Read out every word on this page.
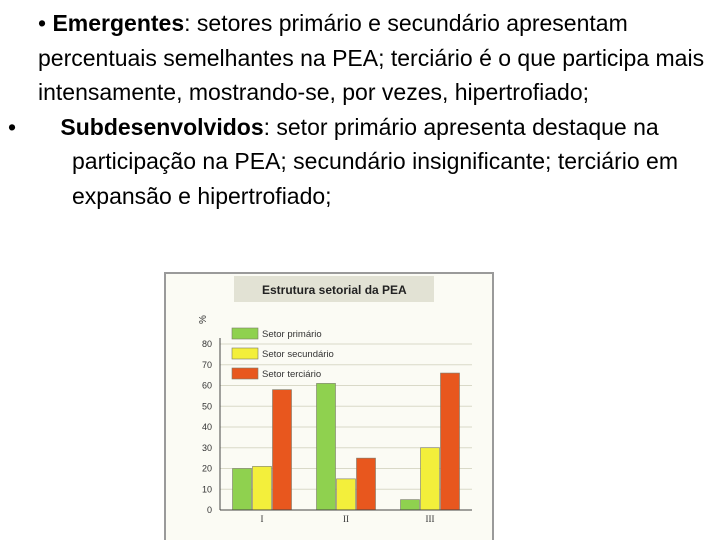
• Emergentes: setores primário e secundário apresentam percentuais semelhantes na PEA; terciário é o que participa mais intensamente, mostrando-se, por vezes, hipertrofiado;

• Subdesenvolvidos: setor primário apresenta destaque na participação na PEA; secundário insignificante; terciário em expansão e hipertrofiado;

Estrutura setorial da PEA
%
0
10
20
30
40
50
60
70
80
I	II	III
Setor primário
Setor secundário
Setor terciário
